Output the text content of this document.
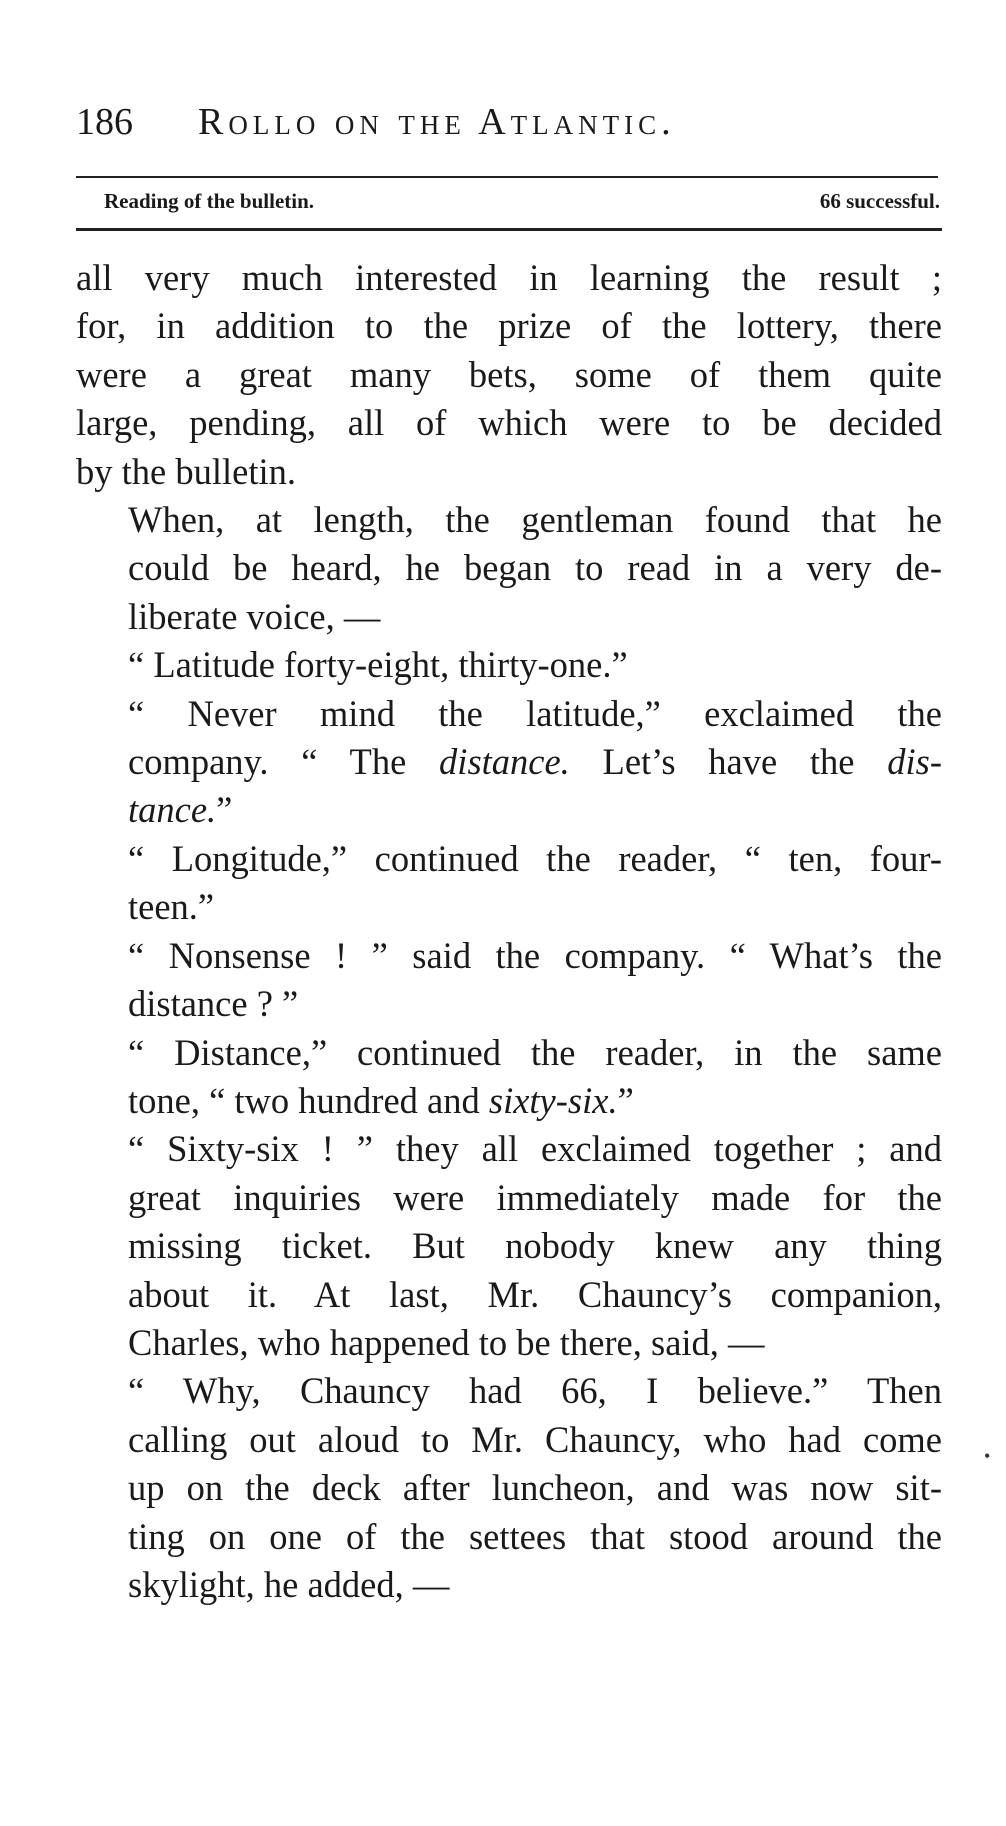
186 Rollo on the Atlantic.
Reading of the bulletin.	66 successful.

all very much interested in learning the result ;
for, in addition to the prize of the lottery, there
were a great many bets, some of them quite
large, pending, all of which were to be decided
by the bulletin.

When, at length, the gentleman found that he
could be heard, he began to read in a very de-
liberate voice, —

“ Latitude forty-eight, thirty-one.”

“ Never mind the latitude,” exclaimed the
company. “ The distance. Let’s have the dis-
tance.”

“ Longitude,” continued the reader, “ ten, four-
teen.”

“ Nonsense ! ” said the company. “ What’s the
distance ? ”

“ Distance,” continued the reader, in the same
tone, “ two hundred and sixty-six.”

“ Sixty-six ! ” they all exclaimed together ; and
great inquiries were immediately made for the
missing ticket. But nobody knew any thing
about it. At last, Mr. Chauncy’s companion,
Charles, who happened to be there, said, —

“ Why, Chauncy had 66, I believe.” Then
calling out aloud to Mr. Chauncy, who had come
up on the deck after luncheon, and was now sit-
ting on one of the settees that stood around the
skylight, he added, —

•
